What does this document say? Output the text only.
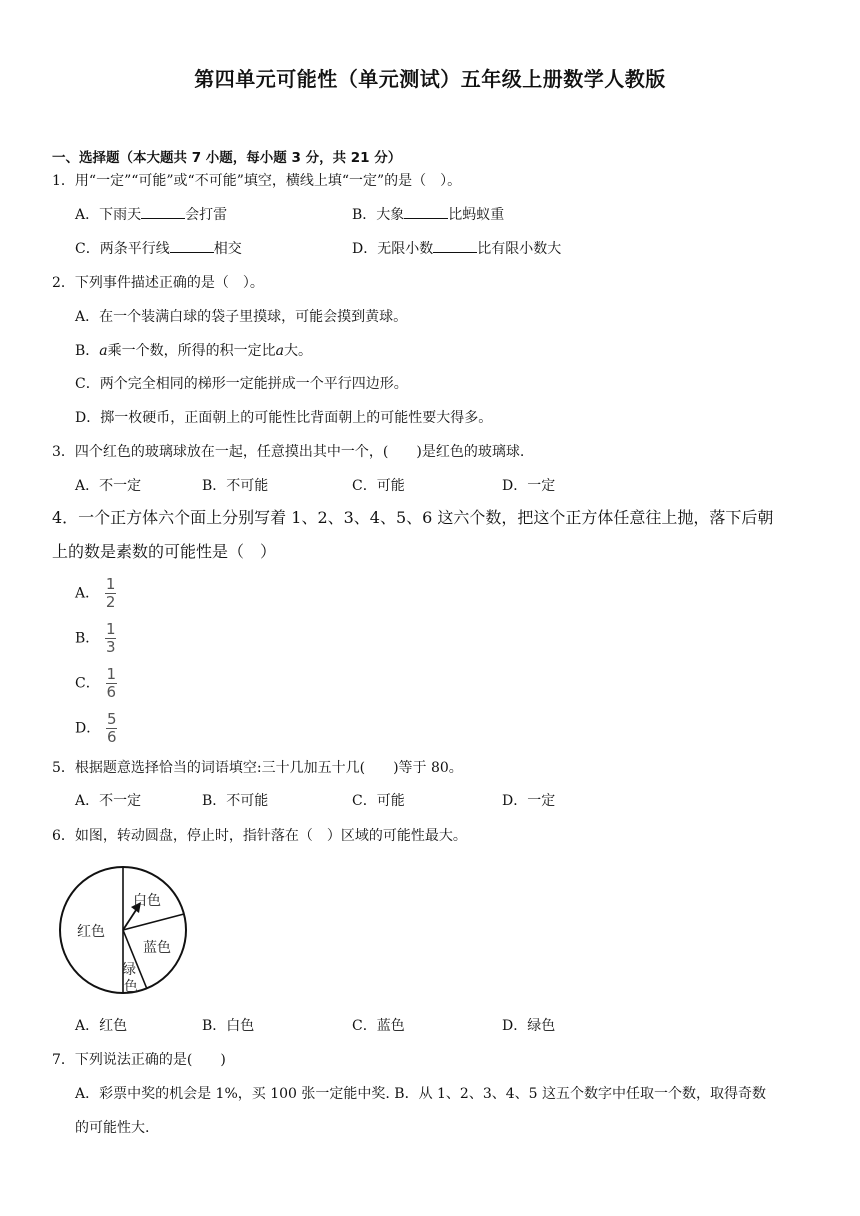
第四单元可能性（单元测试）五年级上册数学人教版
一、选择题（本大题共 7 小题，每小题 3 分，共 21 分）
1．用“一定”“可能”或“不可能”填空，横线上填“一定”的是（　）。
A．下雨天	会打雷	B．大象	比蚂蚁重
C．两条平行线	相交	D．无限小数	比有限小数大
2．下列事件描述正确的是（　）。
A．在一个装满白球的袋子里摸球，可能会摸到黄球。
B．a乘一个数，所得的积一定比a大。
C．两个完全相同的梯形一定能拼成一个平行四边形。
D．掷一枚硬币，正面朝上的可能性比背面朝上的可能性要大得多。
3．四个红色的玻璃球放在一起，任意摸出其中一个，(　　)是红色的玻璃球.
A．不一定	B．不可能	C．可能	D．一定
4．一个正方体六个面上分别写着 1、2、3、4、5、6 这六个数，把这个正方体任意往上抛，落下后朝
上的数是素数的可能性是（　）
A． $\frac{1}{2}$
B． $\frac{1}{3}$
C． $\frac{1}{6}$
D． $\frac{5}{6}$
5．根据题意选择恰当的词语填空:三十几加五十几(　　)等于 80。
A．不一定	B．不可能	C．可能	D．一定
6．如图，转动圆盘，停止时，指针落在（　）区域的可能性最大。
红色
白色
蓝色
绿
色
A．红色	B．白色	C．蓝色	D．绿色
7．下列说法正确的是(　　)
A．彩票中奖的机会是 1%，买 100 张一定能中奖. B．从 1、2、3、4、5 这五个数字中任取一个数，取得奇数
的可能性大.
